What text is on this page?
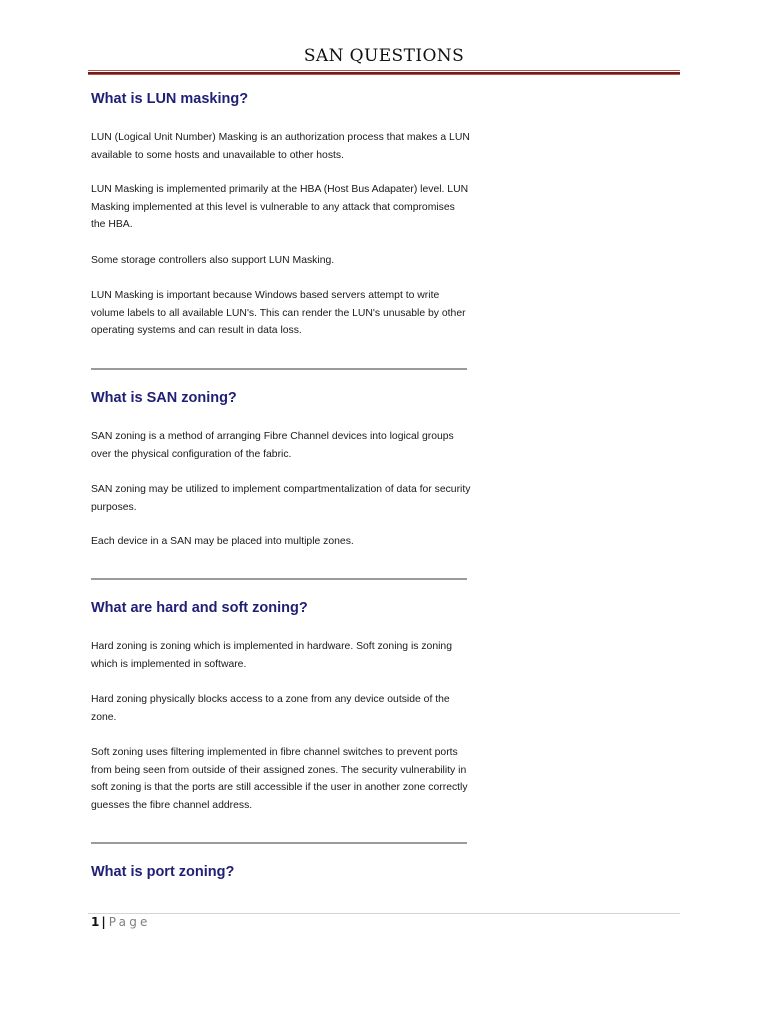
SAN QUESTIONS
What is LUN masking?

LUN (Logical Unit Number) Masking is an authorization process that makes a LUN available to some hosts and unavailable to other hosts.

LUN Masking is implemented primarily at the HBA (Host Bus Adapater) level. LUN Masking implemented at this level is vulnerable to any attack that compromises the HBA.

Some storage controllers also support LUN Masking.

LUN Masking is important because Windows based servers attempt to write volume labels to all available LUN's. This can render the LUN's unusable by other operating systems and can result in data loss.

What is SAN zoning?

SAN zoning is a method of arranging Fibre Channel devices into logical groups over the physical configuration of the fabric.

SAN zoning may be utilized to implement compartmentalization of data for security purposes.

Each device in a SAN may be placed into multiple zones.

What are hard and soft zoning?

Hard zoning is zoning which is implemented in hardware. Soft zoning is zoning which is implemented in software.

Hard zoning physically blocks access to a zone from any device outside of the zone.

Soft zoning uses filtering implemented in fibre channel switches to prevent ports from being seen from outside of their assigned zones. The security vulnerability in soft zoning is that the ports are still accessible if the user in another zone correctly guesses the fibre channel address.

What is port zoning?
1 | Page
